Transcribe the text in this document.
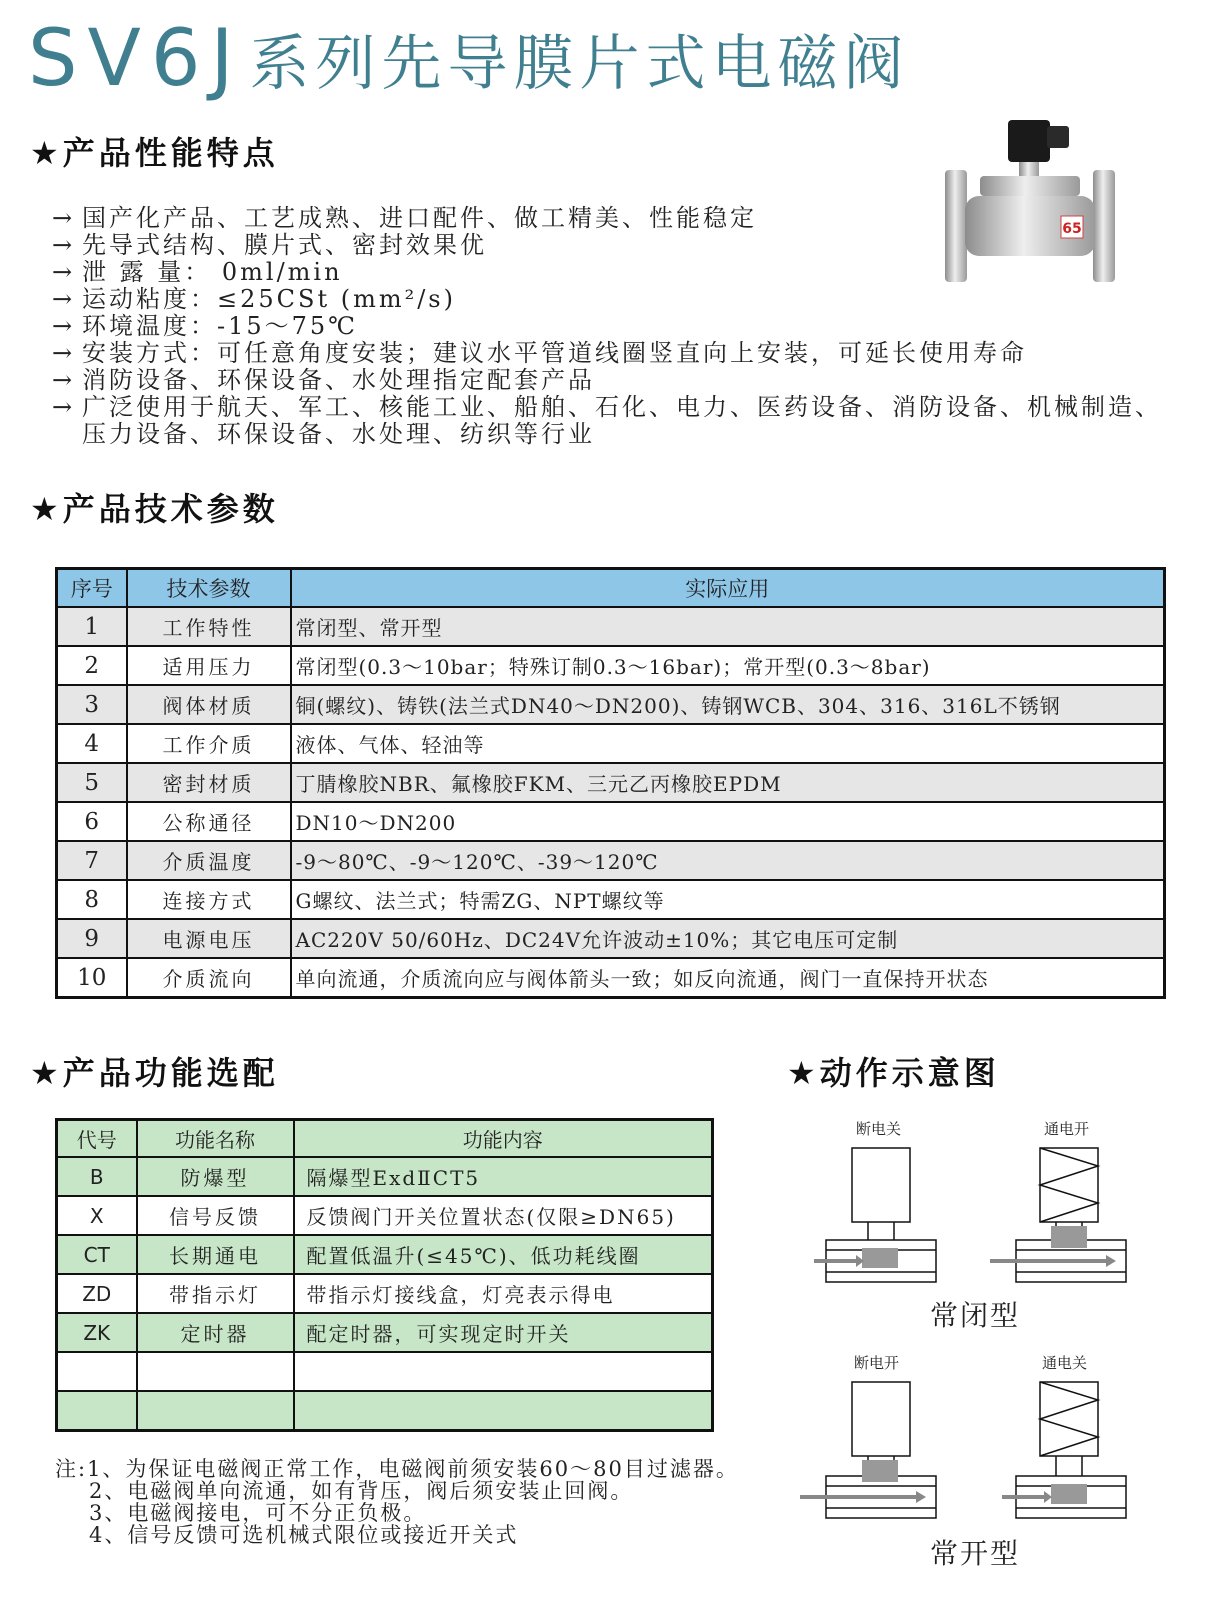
SV6J 系列先导膜片式电磁阀
★产品性能特点
→ 国产化产品、工艺成熟、进口配件、做工精美、性能稳定
→ 先导式结构、膜片式、密封效果优
→ 泄 露 量： 0ml/min
→ 运动粘度：≤25CSt (mm²/s)
→ 环境温度：-15～75℃
→ 安装方式：可任意角度安装；建议水平管道线圈竖直向上安装，可延长使用寿命
→ 消防设备、环保设备、水处理指定配套产品
→ 广泛使用于航天、军工、核能工业、船舶、石化、电力、医药设备、消防设备、机械制造、压力设备、环保设备、水处理、纺织等行业
65
★产品技术参数
序号	技术参数	实际应用
1	工作特性	常闭型、常开型
2	适用压力	常闭型(0.3～10bar；特殊订制0.3～16bar)；常开型(0.3～8bar)
3	阀体材质	铜(螺纹)、铸铁(法兰式DN40～DN200)、铸钢WCB、304、316、316L不锈钢
4	工作介质	液体、气体、轻油等
5	密封材质	丁腈橡胶NBR、氟橡胶FKM、三元乙丙橡胶EPDM
6	公称通径	DN10～DN200
7	介质温度	-9～80℃、-9～120℃、-39～120℃
8	连接方式	G螺纹、法兰式；特需ZG、NPT螺纹等
9	电源电压	AC220V 50/60Hz、DC24V允许波动±10%；其它电压可定制
10	介质流向	单向流通，介质流向应与阀体箭头一致；如反向流通，阀门一直保持开状态
★产品功能选配
代号	功能名称	功能内容
B	防爆型	隔爆型ExdⅡCT5
X	信号反馈	反馈阀门开关位置状态(仅限≥DN65)
CT	长期通电	配置低温升(≤45℃)、低功耗线圈
ZD	带指示灯	带指示灯接线盒，灯亮表示得电
ZK	定时器	配定时器，可实现定时开关

注:1、为保证电磁阀正常工作，电磁阀前须安装60～80目过滤器。
2、电磁阀单向流通，如有背压，阀后须安装止回阀。
3、电磁阀接电，可不分正负极。
4、信号反馈可选机械式限位或接近开关式
★动作示意图
断电关	通电开
常闭型
断电开	通电关
常开型
